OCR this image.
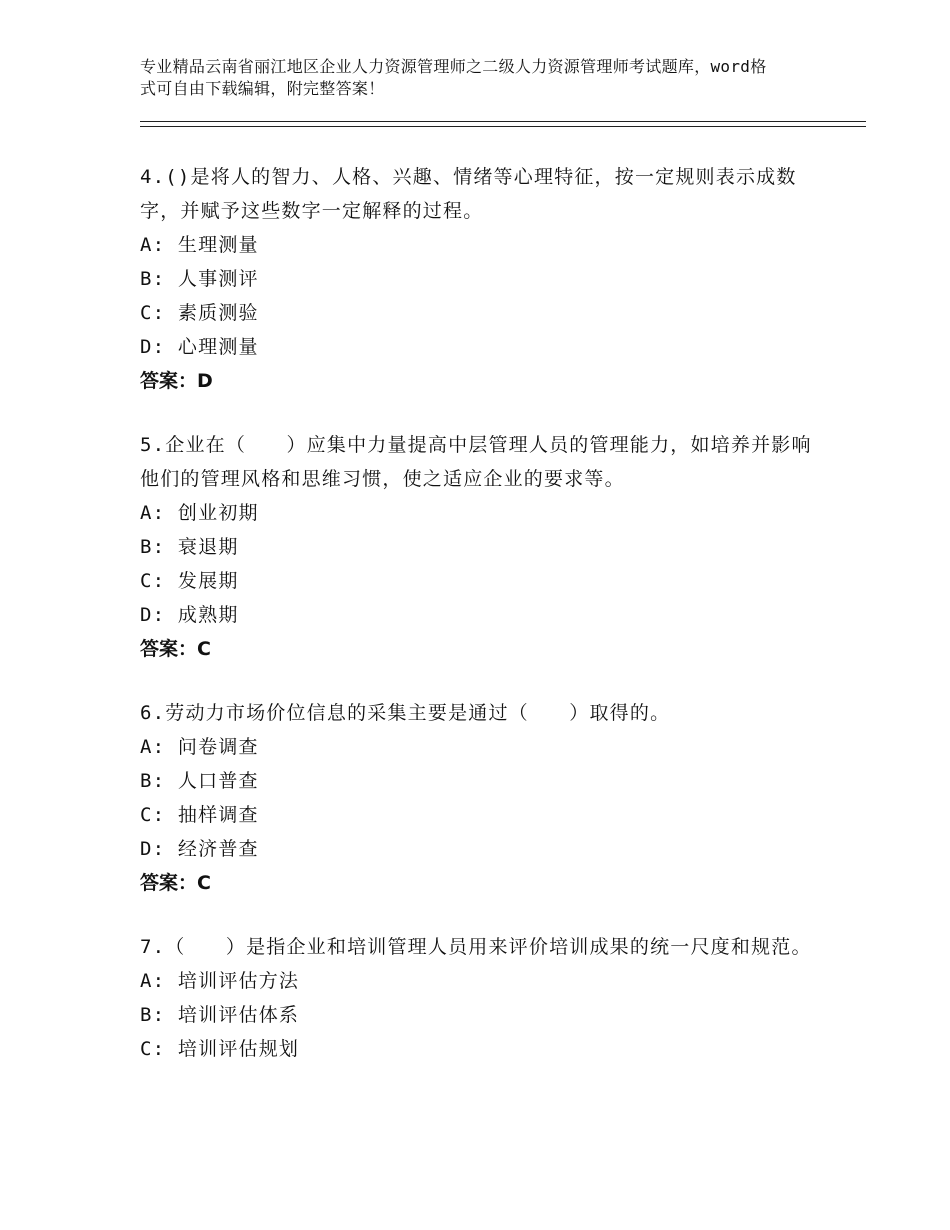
专业精品云南省丽江地区企业人力资源管理师之二级人力资源管理师考试题库，word格式可自由下载编辑，附完整答案！

4.()是将人的智力、人格、兴趣、情绪等心理特征，按一定规则表示成数字，并赋予这些数字一定解释的过程。

A: 生理测量

B: 人事测评

C: 素质测验

D: 心理测量

答案：D

5.企业在（　　）应集中力量提高中层管理人员的管理能力，如培养并影响他们的管理风格和思维习惯，使之适应企业的要求等。

A: 创业初期

B: 衰退期

C: 发展期

D: 成熟期

答案：C

6.劳动力市场价位信息的采集主要是通过（　　）取得的。

A: 问卷调查

B: 人口普查

C: 抽样调查

D: 经济普查

答案：C

7.（　　）是指企业和培训管理人员用来评价培训成果的统一尺度和规范。

A: 培训评估方法

B: 培训评估体系

C: 培训评估规划
